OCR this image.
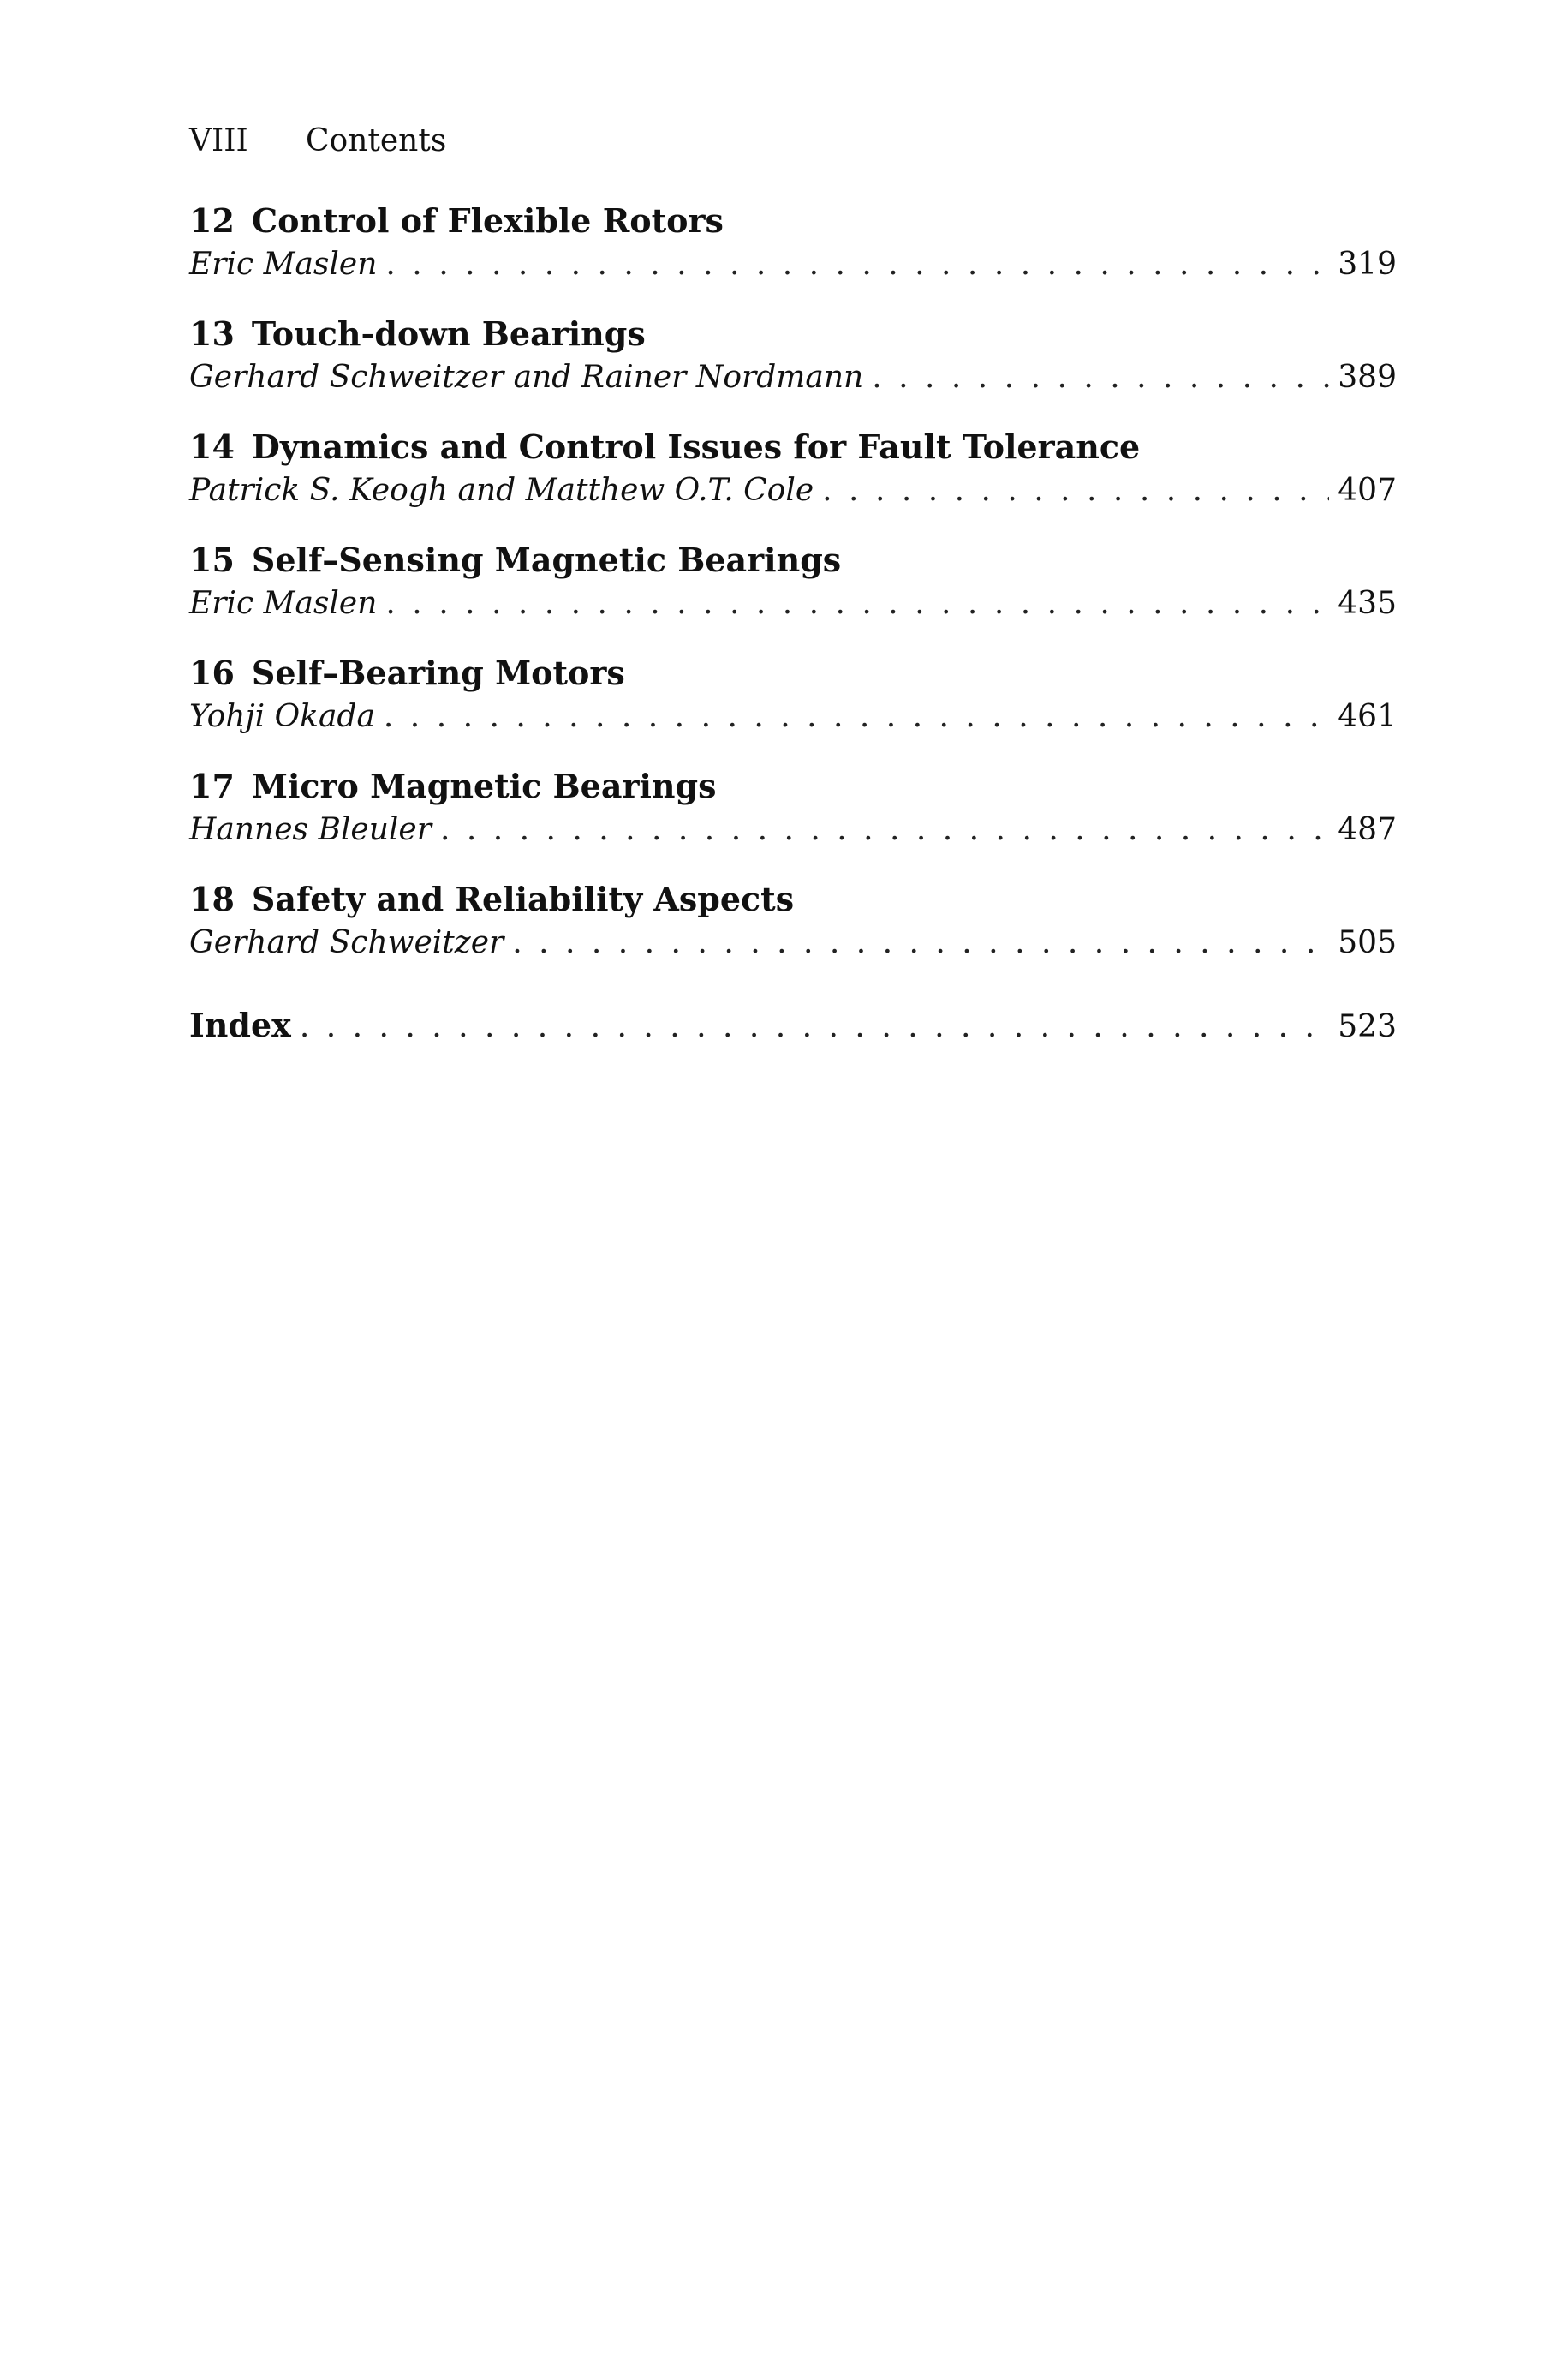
VIII Contents
12 Control of Flexible Rotors
Eric Maslen . . .	319
13 Touch-down Bearings
Gerhard Schweitzer and Rainer Nordmann . . .	389
14 Dynamics and Control Issues for Fault Tolerance
Patrick S. Keogh and Matthew O.T. Cole . . .	407
15 Self–Sensing Magnetic Bearings
Eric Maslen . . .	435
16 Self–Bearing Motors
Yohji Okada . . .	461
17 Micro Magnetic Bearings
Hannes Bleuler . . .	487
18 Safety and Reliability Aspects
Gerhard Schweitzer . . .	505
Index . . .	523
